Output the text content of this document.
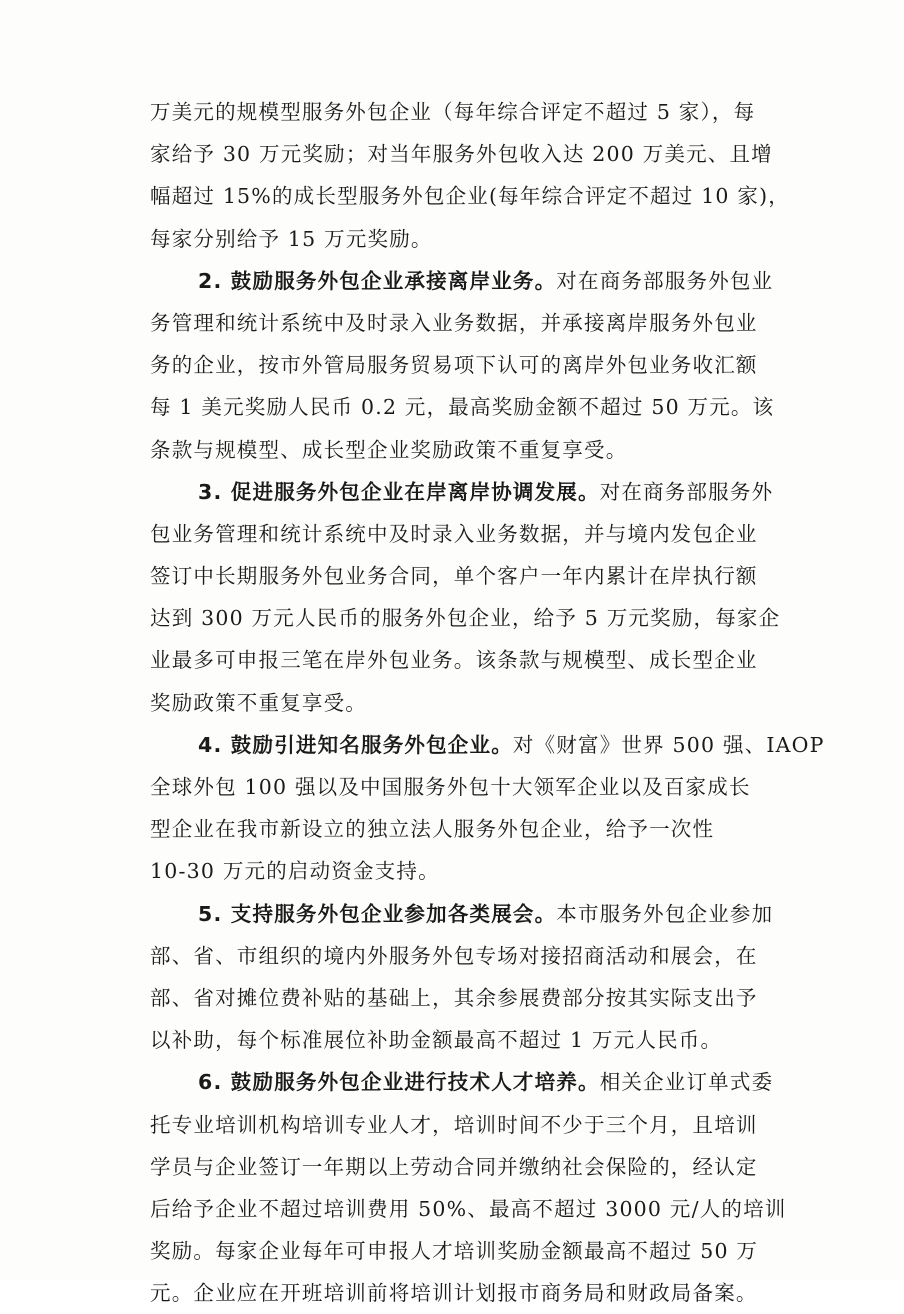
万美元的规模型服务外包企业（每年综合评定不超过 5 家），每
家给予 30 万元奖励；对当年服务外包收入达 200 万美元、且增
幅超过 15%的成长型服务外包企业(每年综合评定不超过 10 家)，
每家分别给予 15 万元奖励。
2. 鼓励服务外包企业承接离岸业务。对在商务部服务外包业
务管理和统计系统中及时录入业务数据，并承接离岸服务外包业
务的企业，按市外管局服务贸易项下认可的离岸外包业务收汇额
每 1 美元奖励人民币 0.2 元，最高奖励金额不超过 50 万元。该
条款与规模型、成长型企业奖励政策不重复享受。
3. 促进服务外包企业在岸离岸协调发展。对在商务部服务外
包业务管理和统计系统中及时录入业务数据，并与境内发包企业
签订中长期服务外包业务合同，单个客户一年内累计在岸执行额
达到 300 万元人民币的服务外包企业，给予 5 万元奖励，每家企
业最多可申报三笔在岸外包业务。该条款与规模型、成长型企业
奖励政策不重复享受。
4. 鼓励引进知名服务外包企业。对《财富》世界 500 强、IAOP
全球外包 100 强以及中国服务外包十大领军企业以及百家成长
型企业在我市新设立的独立法人服务外包企业，给予一次性
10-30 万元的启动资金支持。
5. 支持服务外包企业参加各类展会。本市服务外包企业参加
部、省、市组织的境内外服务外包专场对接招商活动和展会，在
部、省对摊位费补贴的基础上，其余参展费部分按其实际支出予
以补助，每个标准展位补助金额最高不超过 1 万元人民币。
6. 鼓励服务外包企业进行技术人才培养。相关企业订单式委
托专业培训机构培训专业人才，培训时间不少于三个月，且培训
学员与企业签订一年期以上劳动合同并缴纳社会保险的，经认定
后给予企业不超过培训费用 50%、最高不超过 3000 元/人的培训
奖励。每家企业每年可申报人才培训奖励金额最高不超过 50 万
元。企业应在开班培训前将培训计划报市商务局和财政局备案。
